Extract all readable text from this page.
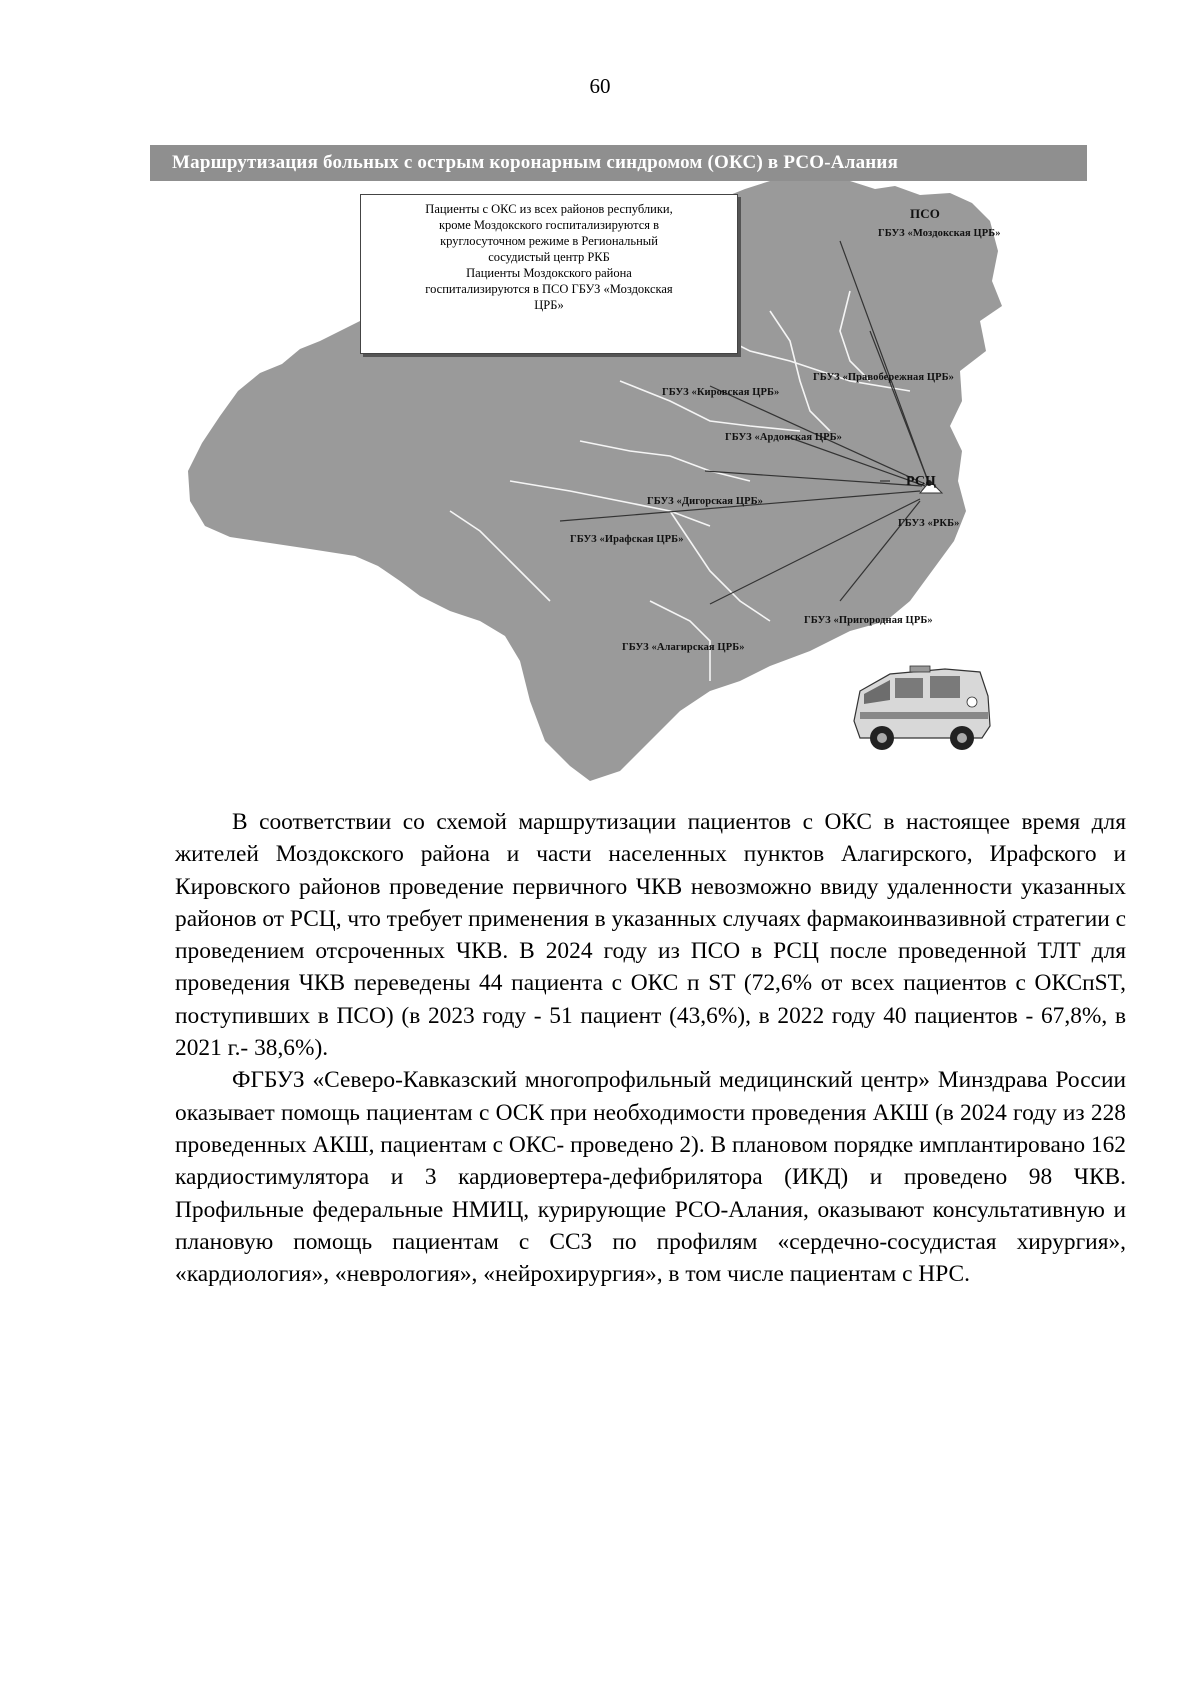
60
Маршрутизация больных с острым коронарным синдромом (ОКС) в РСО-Алания

Пациенты с ОКС из всех районов республики,

кроме Моздокского госпитализируются в

круглосуточном режиме в Региональный

сосудистый центр РКБ

Пациенты Моздокского района

госпитализируются в ПСО ГБУЗ «Моздокская

ЦРБ»

ПСО
ГБУЗ «Моздокская ЦРБ»
ГБУЗ «Кировская ЦРБ»
ГБУЗ «Правобережная ЦРБ»
ГБУЗ «Ардонская ЦРБ»
РСЦ
ГБУЗ «Дигорская ЦРБ»
ГБУЗ «РКБ»
ГБУЗ «Ирафская ЦРБ»
ГБУЗ «Пригородная ЦРБ»
ГБУЗ «Алагирская ЦРБ»

В соответствии со схемой маршрутизации пациентов с ОКС в настоящее время для жителей Моздокского района и части населенных пунктов Алагирского, Ирафского и Кировского районов проведение первичного ЧКВ невозможно ввиду удаленности указанных районов от РСЦ, что требует применения в указанных случаях фармакоинвазивной стратегии с проведением отсроченных ЧКВ. В 2024 году из ПСО в РСЦ после проведенной ТЛТ для проведения ЧКВ переведены 44 пациента с ОКС п ST (72,6% от всех пациентов с ОКСпST, поступивших в ПСО) (в 2023 году - 51 пациент (43,6%), в 2022 году 40 пациентов - 67,8%, в 2021 г.- 38,6%).

ФГБУЗ «Северо-Кавказский многопрофильный медицинский центр» Минздрава России оказывает помощь пациентам с ОСК при необходимости проведения АКШ (в 2024 году из 228 проведенных АКШ, пациентам с ОКС- проведено 2). В плановом порядке имплантировано 162 кардиостимулятора и 3 кардиовертера-дефибрилятора (ИКД) и проведено 98 ЧКВ. Профильные федеральные НМИЦ, курирующие РСО-Алания, оказывают консультативную и плановую помощь пациентам с ССЗ по профилям «сердечно-сосудистая хирургия», «кардиология», «неврология», «нейрохирургия», в том числе пациентам с НРС.
